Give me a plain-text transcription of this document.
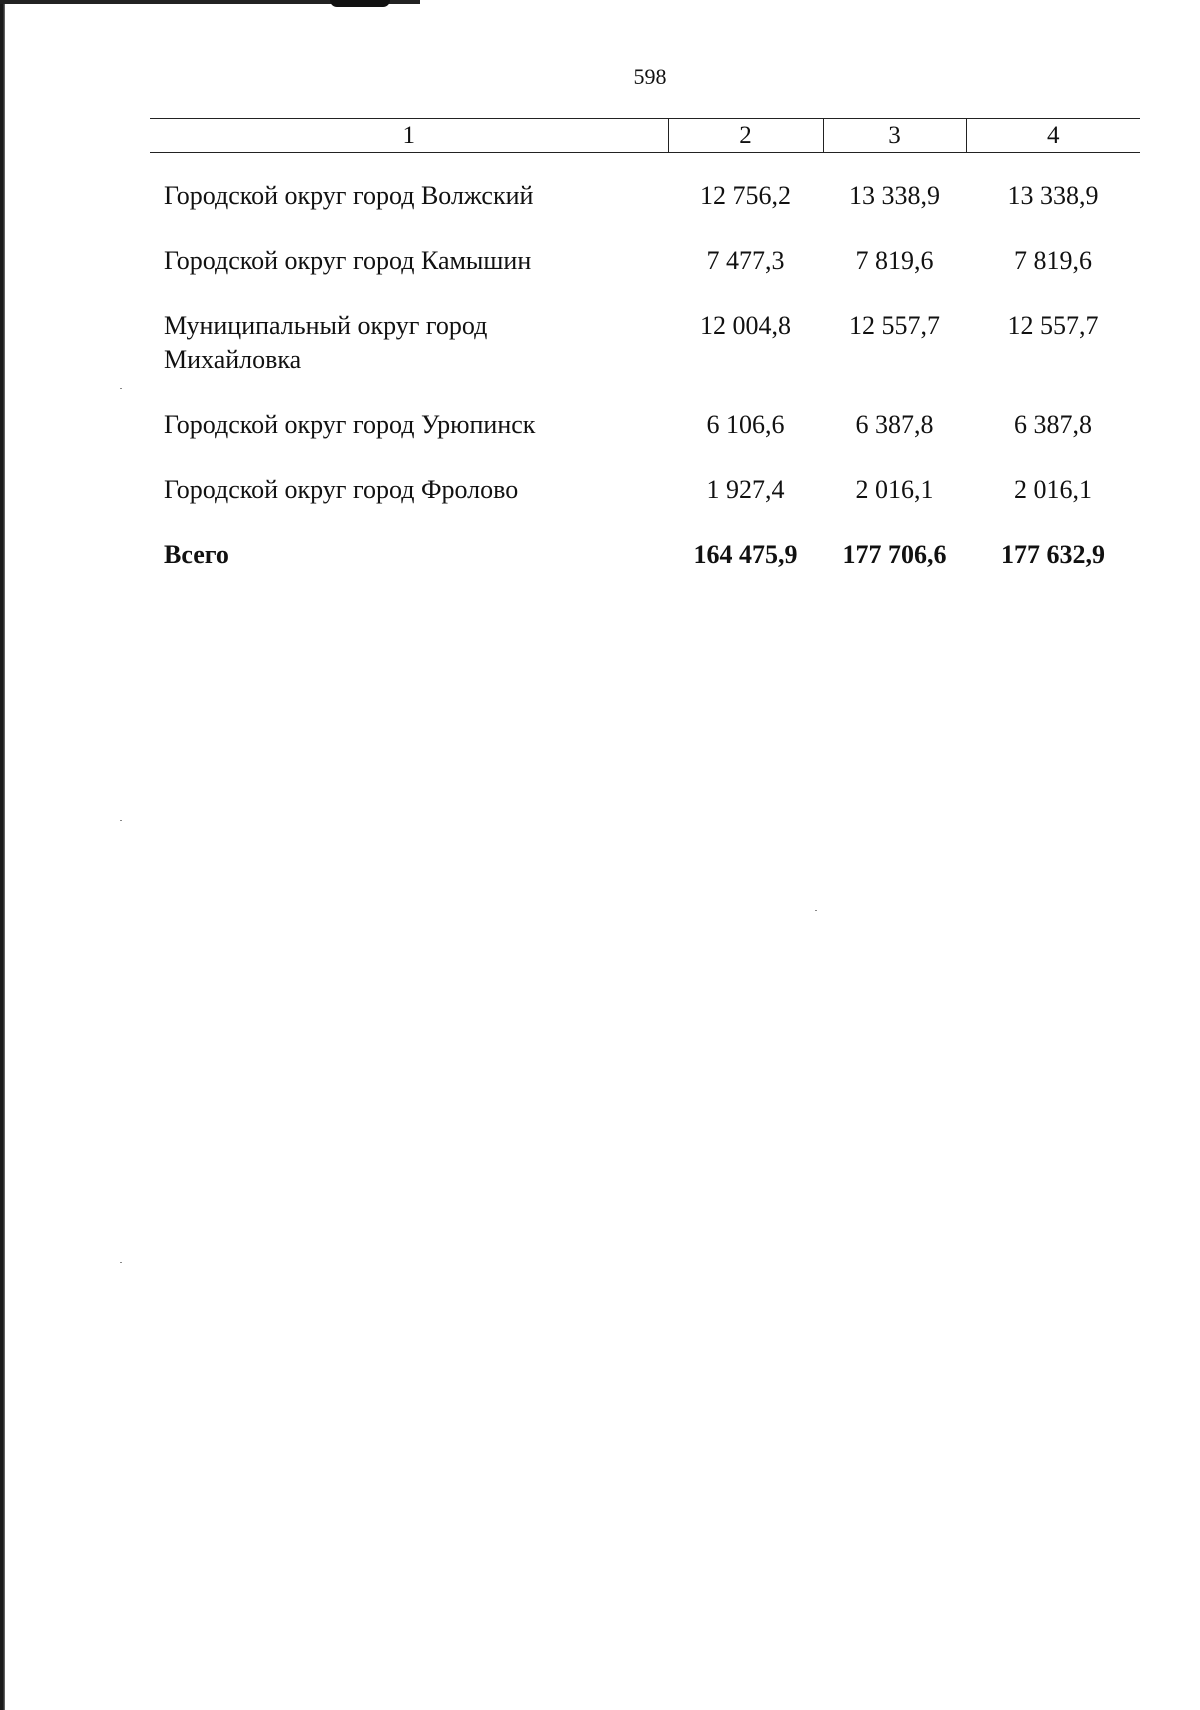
598
1	2	3	4
Городской округ город Волжский	12 756,2	13 338,9	13 338,9
Городской округ город Камышин	7 477,3	7 819,6	7 819,6
Муниципальный округ город Михайловка	12 004,8	12 557,7	12 557,7
Городской округ город Урюпинск	6 106,6	6 387,8	6 387,8
Городской округ город Фролово	1 927,4	2 016,1	2 016,1
Всего	164 475,9	177 706,6	177 632,9
